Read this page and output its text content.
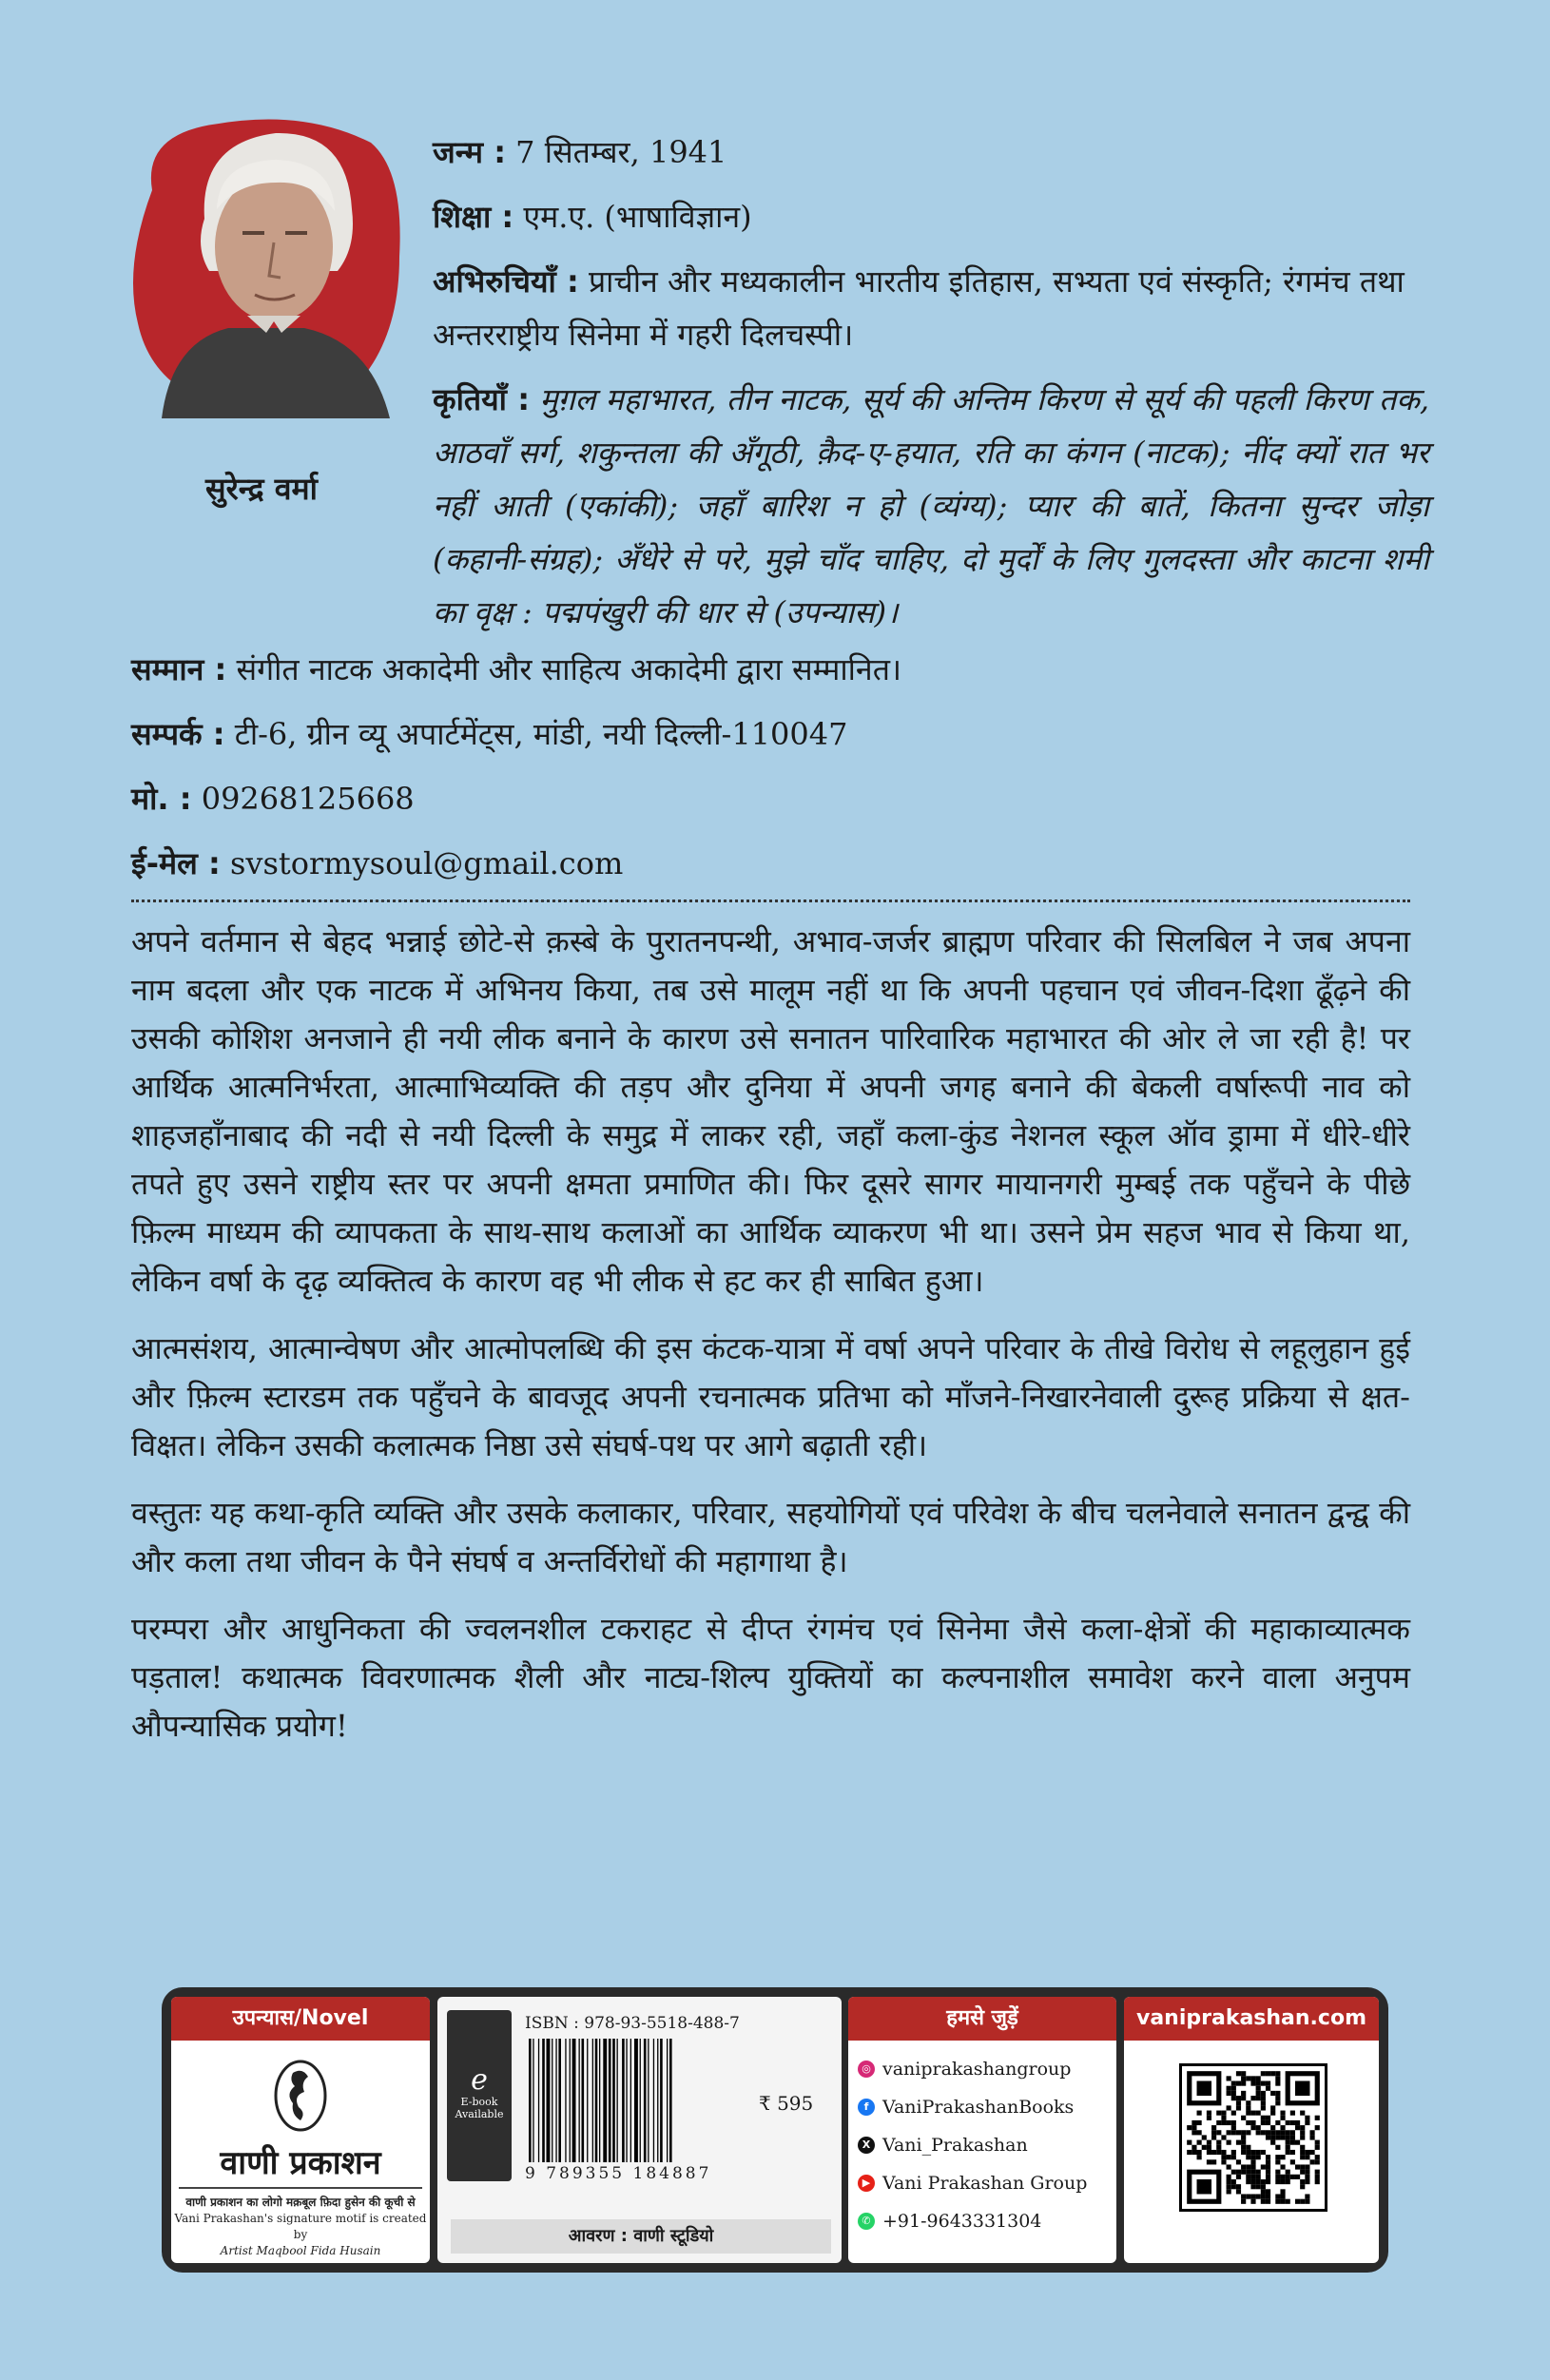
सुरेन्द्र वर्मा

जन्म : 7 सितम्बर, 1941

शिक्षा : एम.ए. (भाषाविज्ञान)

अभिरुचियाँ : प्राचीन और मध्यकालीन भारतीय इतिहास, सभ्यता एवं संस्कृति; रंगमंच तथा अन्तरराष्ट्रीय सिनेमा में गहरी दिलचस्पी।

कृतियाँ : मुग़ल महाभारत, तीन नाटक, सूर्य की अन्तिम किरण से सूर्य की पहली किरण तक, आठवाँ सर्ग, शकुन्तला की अँगूठी, क़ैद-ए-हयात, रति का कंगन (नाटक); नींद क्यों रात भर नहीं आती (एकांकी); जहाँ बारिश न हो (व्यंग्य); प्यार की बातें, कितना सुन्दर जोड़ा (कहानी-संग्रह); अँधेरे से परे, मुझे चाँद चाहिए, दो मुर्दों के लिए गुलदस्ता और काटना शमी का वृक्ष : पद्मपंखुरी की धार से (उपन्यास)।

सम्मान : संगीत नाटक अकादेमी और साहित्य अकादेमी द्वारा सम्मानित।

सम्पर्क : टी-6, ग्रीन व्यू अपार्टमेंट्स, मांडी, नयी दिल्ली-110047

मो. : 09268125668

ई-मेल : svstormysoul@gmail.com

अपने वर्तमान से बेहद भन्नाई छोटे-से क़स्बे के पुरातनपन्थी, अभाव-जर्जर ब्राह्मण परिवार की सिलबिल ने जब अपना नाम बदला और एक नाटक में अभिनय किया, तब उसे मालूम नहीं था कि अपनी पहचान एवं जीवन-दिशा ढूँढ़ने की उसकी कोशिश अनजाने ही नयी लीक बनाने के कारण उसे सनातन पारिवारिक महाभारत की ओर ले जा रही है! पर आर्थिक आत्मनिर्भरता, आत्माभिव्यक्ति की तड़प और दुनिया में अपनी जगह बनाने की बेकली वर्षारूपी नाव को शाहजहाँनाबाद की नदी से नयी दिल्ली के समुद्र में लाकर रही, जहाँ कला-कुंड नेशनल स्कूल ऑव ड्रामा में धीरे-धीरे तपते हुए उसने राष्ट्रीय स्तर पर अपनी क्षमता प्रमाणित की। फिर दूसरे सागर मायानगरी मुम्बई तक पहुँचने के पीछे फ़िल्म माध्यम की व्यापकता के साथ-साथ कलाओं का आर्थिक व्याकरण भी था। उसने प्रेम सहज भाव से किया था, लेकिन वर्षा के दृढ़ व्यक्तित्व के कारण वह भी लीक से हट कर ही साबित हुआ।

आत्मसंशय, आत्मान्वेषण और आत्मोपलब्धि की इस कंटक-यात्रा में वर्षा अपने परिवार के तीखे विरोध से लहूलुहान हुई और फ़िल्म स्टारडम तक पहुँचने के बावजूद अपनी रचनात्मक प्रतिभा को माँजने-निखारनेवाली दुरूह प्रक्रिया से क्षत-विक्षत। लेकिन उसकी कलात्मक निष्ठा उसे संघर्ष-पथ पर आगे बढ़ाती रही।

वस्तुतः यह कथा-कृति व्यक्ति और उसके कलाकार, परिवार, सहयोगियों एवं परिवेश के बीच चलनेवाले सनातन द्वन्द्व की और कला तथा जीवन के पैने संघर्ष व अन्तर्विरोधों की महागाथा है।

परम्परा और आधुनिकता की ज्वलनशील टकराहट से दीप्त रंगमंच एवं सिनेमा जैसे कला-क्षेत्रों की महाकाव्यात्मक पड़ताल! कथात्मक विवरणात्मक शैली और नाट्य-शिल्प युक्तियों का कल्पनाशील समावेश करने वाला अनुपम औपन्यासिक प्रयोग!

उपन्यास/Novel
वाणी प्रकाशन
वाणी प्रकाशन का लोगो मक़बूल फ़िदा हुसेन की कूची से
Vani Prakashan's signature motif is created by
Artist Maqbool Fida Husain
e
E-book Available
ISBN : 978-93-5518-488-7
9 789355 184887
₹ 595
आवरण : वाणी स्टूडियो
हमसे जुड़ें
◎ vaniprakashangroup
f VaniPrakashanBooks
X Vani_Prakashan
▶ Vani Prakashan Group
✆ +91-9643331304
vaniprakashan.com
